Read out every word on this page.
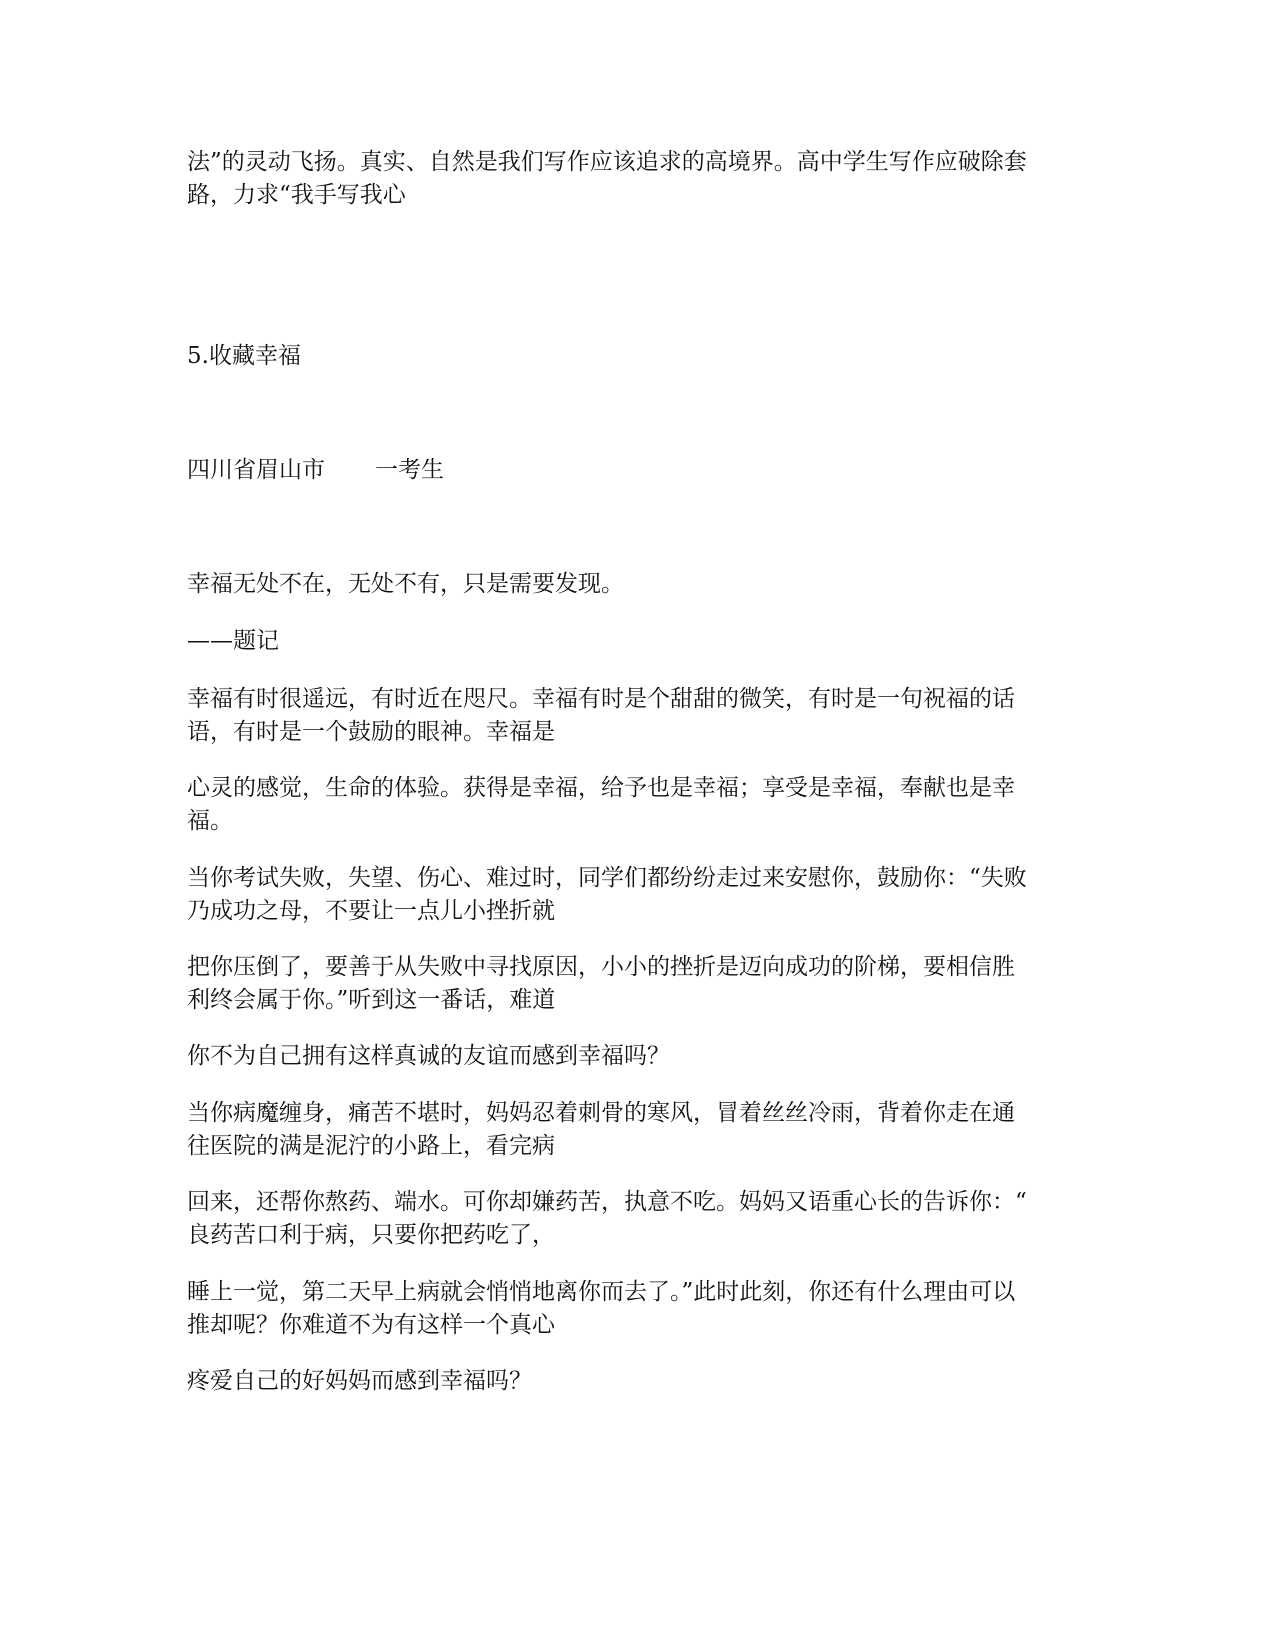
法”的灵动飞扬。真实、自然是我们写作应该追求的高境界。高中学生写作应破除套
路，力求“我手写我心

5.收藏幸福

四川省眉山市 一考生

幸福无处不在，无处不有，只是需要发现。

——题记

幸福有时很遥远，有时近在咫尺。幸福有时是个甜甜的微笑，有时是一句祝福的话
语，有时是一个鼓励的眼神。幸福是

心灵的感觉，生命的体验。获得是幸福，给予也是幸福；享受是幸福，奉献也是幸
福。

当你考试失败，失望、伤心、难过时，同学们都纷纷走过来安慰你，鼓励你：“失败
乃成功之母，不要让一点儿小挫折就

把你压倒了，要善于从失败中寻找原因，小小的挫折是迈向成功的阶梯，要相信胜
利终会属于你。”听到这一番话，难道

你不为自己拥有这样真诚的友谊而感到幸福吗？

当你病魔缠身，痛苦不堪时，妈妈忍着刺骨的寒风，冒着丝丝冷雨，背着你走在通
往医院的满是泥泞的小路上，看完病

回来，还帮你熬药、端水。可你却嫌药苦，执意不吃。妈妈又语重心长的告诉你：“
良药苦口利于病，只要你把药吃了，

睡上一觉，第二天早上病就会悄悄地离你而去了。”此时此刻，你还有什么理由可以
推却呢？你难道不为有这样一个真心

疼爱自己的好妈妈而感到幸福吗？
